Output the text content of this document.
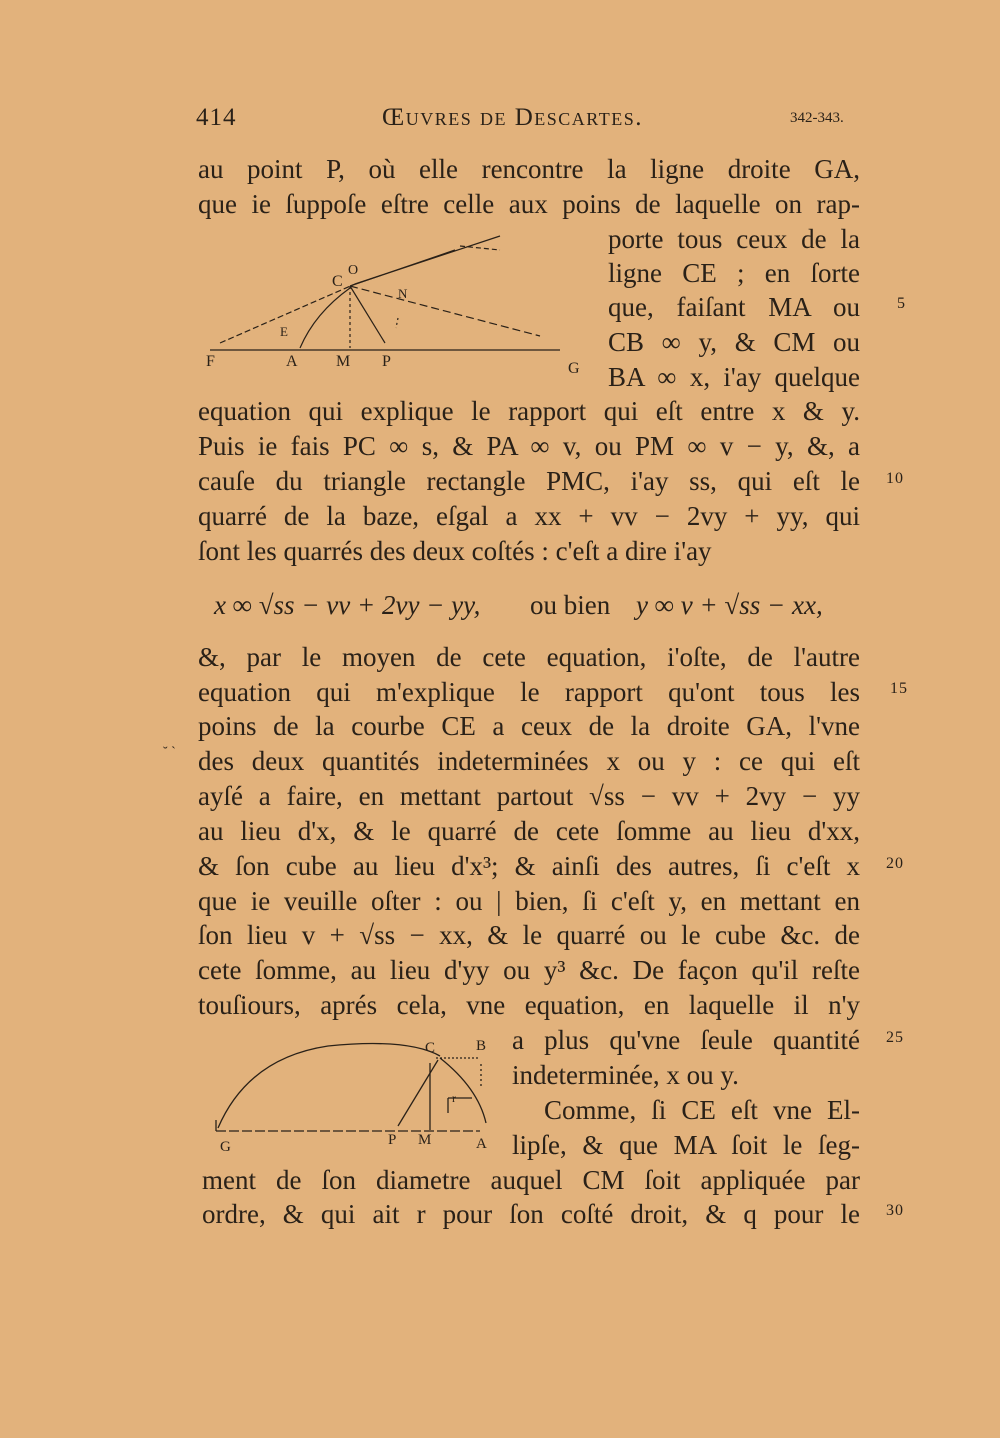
414	Œuvres de Descartes.	342-343.
au point P, où elle rencontre la ligne droite GA,
que ie ſuppoſe eſtre celle aux poins de laquelle on rap-
F	A M P	G
C
O
N
E
porte tous ceux de la
ligne CE ; en ſorte
que, faiſant MA ou
CB ∞ y, & CM ou
BA ∞ x, i'ay quelque
equation qui explique le rapport qui eſt entre x & y.
Puis ie fais PC ∞ s, & PA ∞ v, ou PM ∞ v − y, &, a
cauſe du triangle rectangle PMC, i'ay ss, qui eſt le
quarré de la baze, eſgal a xx + vv − 2vy + yy, qui
ſont les quarrés des deux coſtés : c'eſt a dire i'ay
x ∞ √ss − vv + 2vy − yy, ou bien y ∞ v + √ss − xx,
&, par le moyen de cete equation, i'oſte, de l'autre
equation qui m'explique le rapport qu'ont tous les
poins de la courbe CE a ceux de la droite GA, l'vne
˘ ` des deux quantités indeterminées x ou y : ce qui eſt
ayſé a faire, en mettant partout √ss − vv + 2vy − yy
au lieu d'x, & le quarré de cete ſomme au lieu d'xx,
& ſon cube au lieu d'x³; & ainſi des autres, ſi c'eſt x
que ie veuille oſter : ou | bien, ſi c'eſt y, en mettant en
ſon lieu v + √ss − xx, & le quarré ou le cube &c. de
cete ſomme, au lieu d'yy ou y³ &c. De façon qu'il reſte
touſiours, aprés cela, vne equation, en laquelle il n'y
G	P M	A
C	B
r
a plus qu'vne ſeule quantité
indeterminée, x ou y.
Comme, ſi CE eſt vne El-
lipſe, & que MA ſoit le ſeg-
ment de ſon diametre auquel CM ſoit appliquée par
ordre, & qui ait r pour ſon coſté droit, & q pour le
5
10
15
20
25
30
